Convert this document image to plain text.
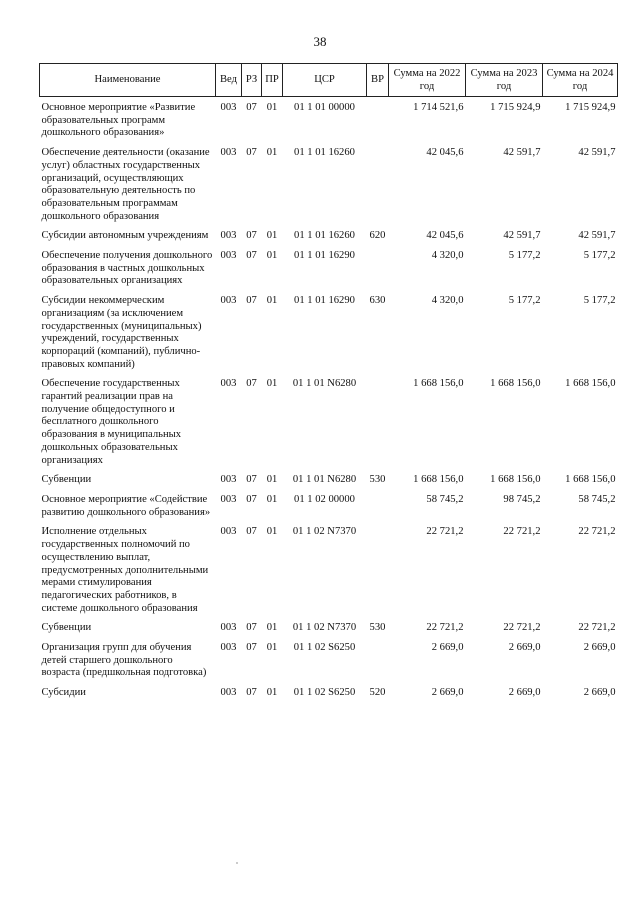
38
Наименование	Вед	РЗ	ПР	ЦСР	ВР	Сумма на 2022 год	Сумма на 2023 год	Сумма на 2024 год
Основное мероприятие «Развитие образовательных программ дошкольного образования»	003	07	01	01 1 01 00000		1 714 521,6	1 715 924,9	1 715 924,9
Обеспечение деятельности (оказание услуг) областных государственных организаций, осуществляющих образовательную деятельность по образовательным программам дошкольного образования	003	07	01	01 1 01 16260		42 045,6	42 591,7	42 591,7
Субсидии автономным учреждениям	003	07	01	01 1 01 16260	620	42 045,6	42 591,7	42 591,7
Обеспечение получения дошкольного образования в частных дошкольных образовательных организациях	003	07	01	01 1 01 16290		4 320,0	5 177,2	5 177,2
Субсидии некоммерческим организациям (за исключением государственных (муниципальных) учреждений, государственных корпораций (компаний), публично-правовых компаний)	003	07	01	01 1 01 16290	630	4 320,0	5 177,2	5 177,2
Обеспечение государственных гарантий реализации прав на получение общедоступного и бесплатного дошкольного образования в муниципальных дошкольных образовательных организациях	003	07	01	01 1 01 N6280		1 668 156,0	1 668 156,0	1 668 156,0
Субвенции	003	07	01	01 1 01 N6280	530	1 668 156,0	1 668 156,0	1 668 156,0
Основное мероприятие «Содействие развитию дошкольного образования»	003	07	01	01 1 02 00000		58 745,2	98 745,2	58 745,2
Исполнение отдельных государственных полномочий по осуществлению выплат, предусмотренных дополнительными мерами стимулирования педагогических работников, в системе дошкольного образования	003	07	01	01 1 02 N7370		22 721,2	22 721,2	22 721,2
Субвенции	003	07	01	01 1 02 N7370	530	22 721,2	22 721,2	22 721,2
Организация групп для обучения детей старшего дошкольного возраста (предшкольная подготовка)	003	07	01	01 1 02 S6250		2 669,0	2 669,0	2 669,0
Субсидии	003	07	01	01 1 02 S6250	520	2 669,0	2 669,0	2 669,0
